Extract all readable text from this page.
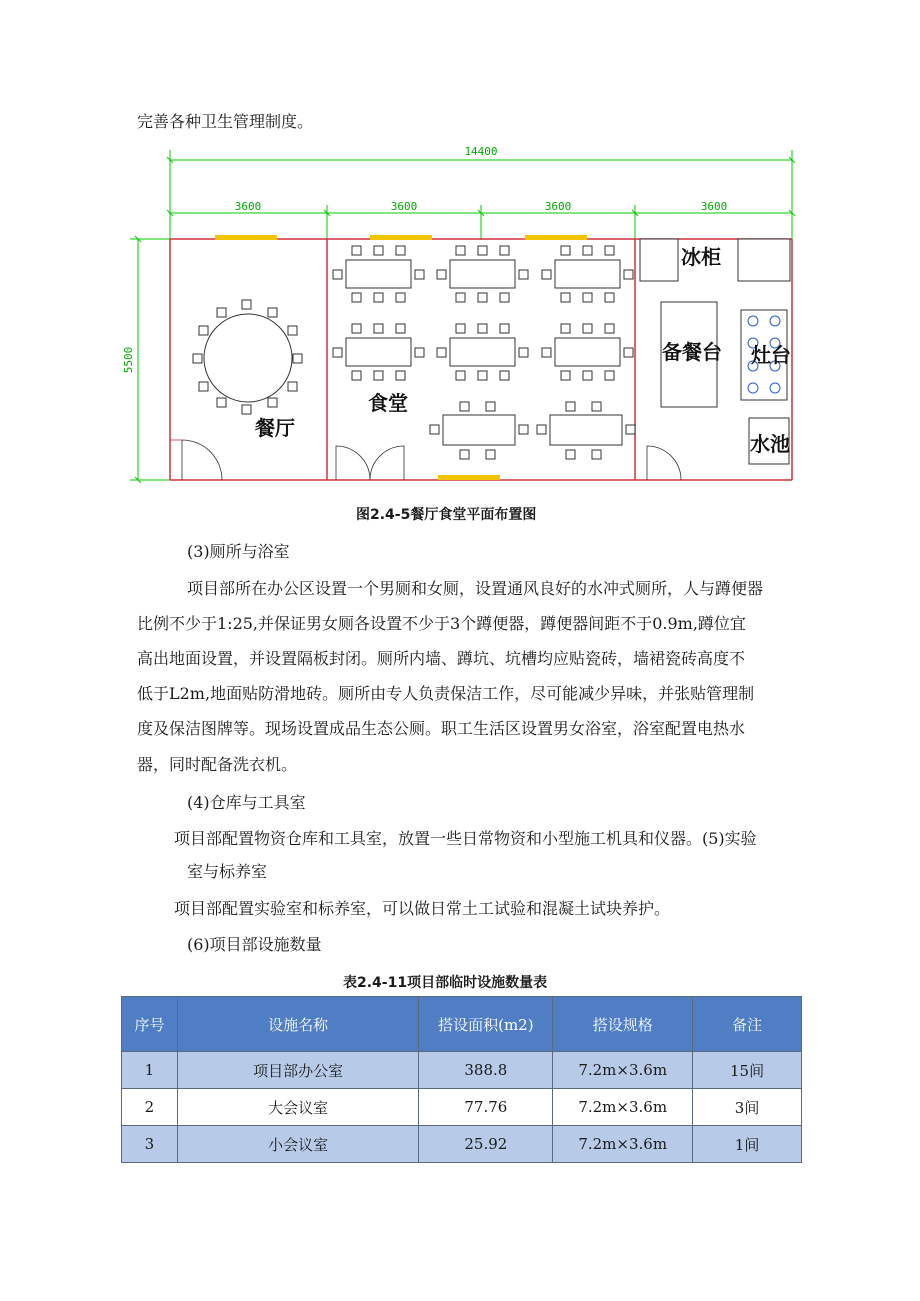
完善各种卫生管理制度。
14400
3600	3600	3600	3600
5500
餐厅
食堂
冰柜
备餐台 灶台
水池
图2.4-5餐厅食堂平面布置图
(3)厕所与浴室
项目部所在办公区设置一个男厕和女厕，设置通风良好的水冲式厕所，人与蹲便器
比例不少于1:25,并保证男女厕各设置不少于3个蹲便器，蹲便器间距不于0.9m,蹲位宜
高出地面设置，并设置隔板封闭。厕所内墙、蹲坑、坑槽均应贴瓷砖，墙裙瓷砖高度不
低于L2m,地面贴防滑地砖。厕所由专人负责保洁工作，尽可能减少异味，并张贴管理制
度及保洁图牌等。现场设置成品生态公厕。职工生活区设置男女浴室，浴室配置电热水
器，同时配备洗衣机。
(4)仓库与工具室
项目部配置物资仓库和工具室，放置一些日常物资和小型施工机具和仪器。(5)实验
室与标养室
项目部配置实验室和标养室，可以做日常土工试验和混凝土试块养护。
(6)项目部设施数量
表2.4-11项目部临时设施数量表
序号	设施名称	搭设面积(m2)	搭设规格	备注
1	项目部办公室	388.8	7.2m×3.6m	15间
2	大会议室	77.76	7.2m×3.6m	3间
3	小会议室	25.92	7.2m×3.6m	1间
